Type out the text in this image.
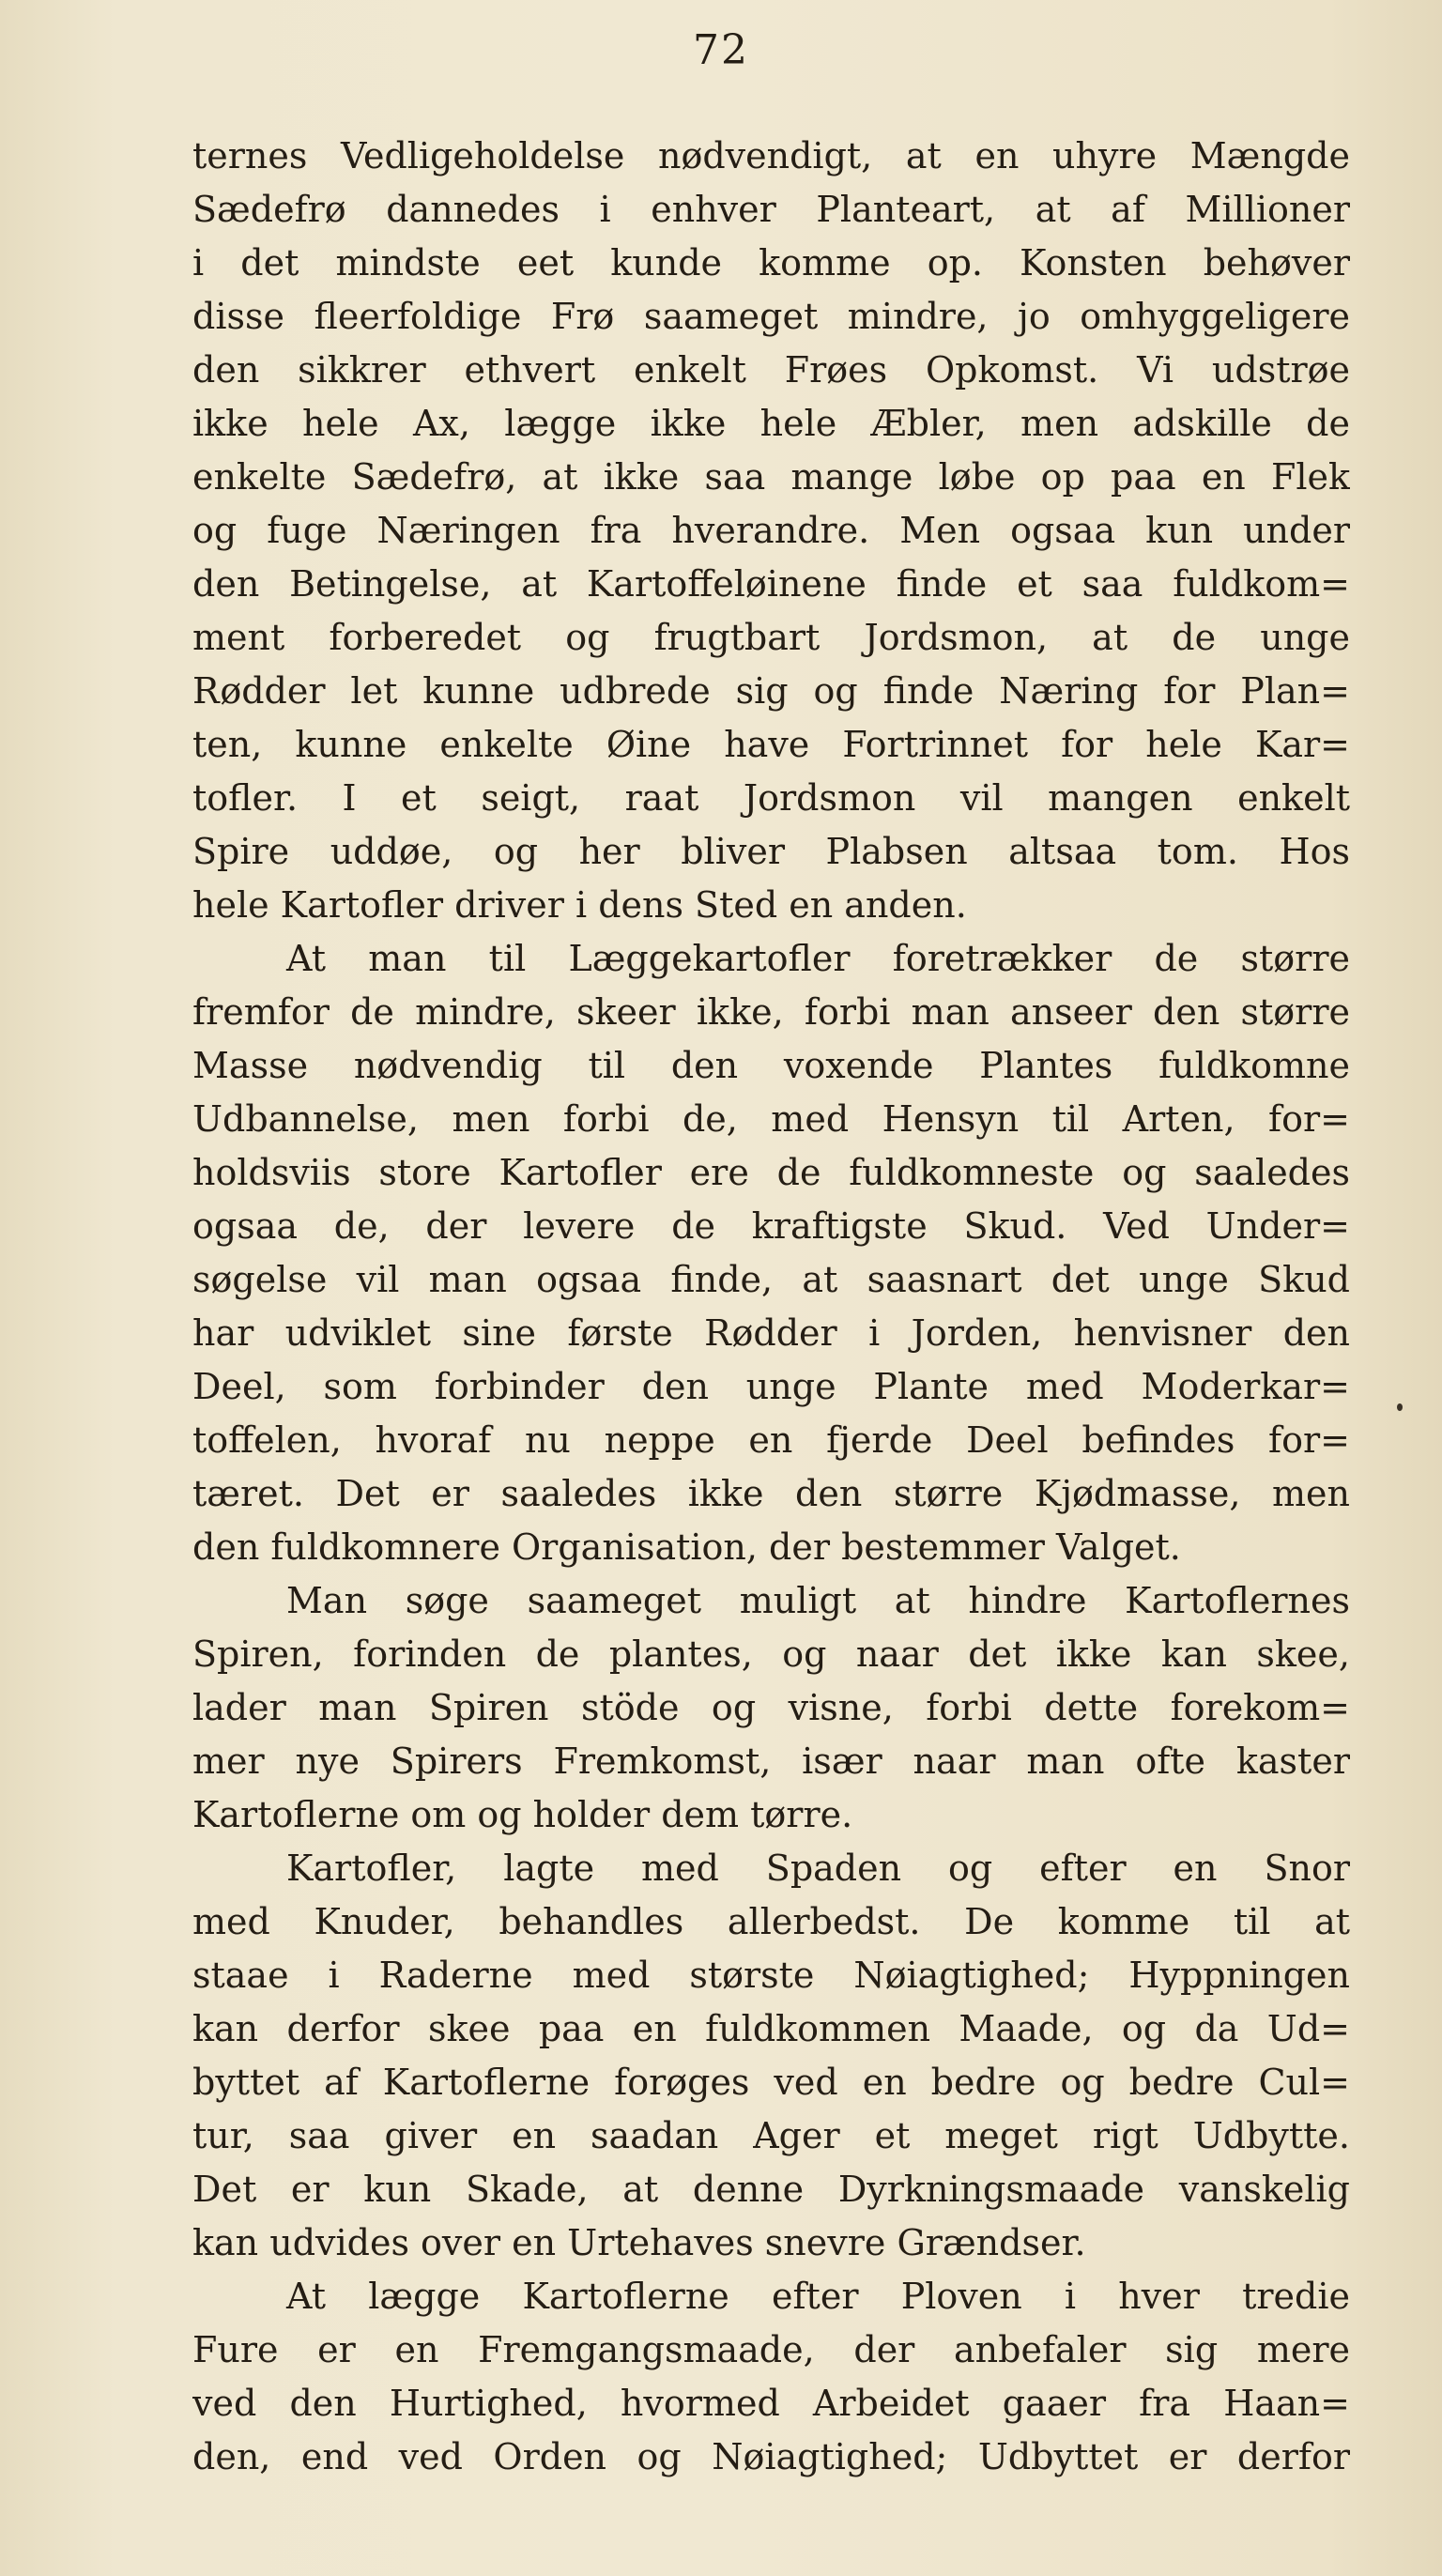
72
ternes Vedligeholdelse nødvendigt, at en uhyre Mængde
Sædefrø dannedes i enhver Planteart, at af Millioner
i det mindste eet kunde komme op. Konsten behøver
disse fleerfoldige Frø saameget mindre, jo omhyggeligere
den sikkrer ethvert enkelt Frøes Opkomst. Vi udstrøe
ikke hele Ax, lægge ikke hele Æbler, men adskille de
enkelte Sædefrø, at ikke saa mange løbe op paa en Flek
og fuge Næringen fra hverandre. Men ogsaa kun under
den Betingelse, at Kartoffeløinene finde et saa fuldkom=
ment forberedet og frugtbart Jordsmon, at de unge
Rødder let kunne udbrede sig og finde Næring for Plan=
ten, kunne enkelte Øine have Fortrinnet for hele Kar=
tofler. I et seigt, raat Jordsmon vil mangen enkelt
Spire uddøe, og her bliver Plabsen altsaa tom. Hos
hele Kartofler driver i dens Sted en anden.
At man til Læggekartofler foretrækker de større
fremfor de mindre, skeer ikke, forbi man anseer den større
Masse nødvendig til den voxende Plantes fuldkomne
Udbannelse, men forbi de, med Hensyn til Arten, for=
holdsviis store Kartofler ere de fuldkomneste og saaledes
ogsaa de, der levere de kraftigste Skud. Ved Under=
søgelse vil man ogsaa finde, at saasnart det unge Skud
har udviklet sine første Rødder i Jorden, henvisner den
Deel, som forbinder den unge Plante med Moderkar=
toffelen, hvoraf nu neppe en fjerde Deel befindes for=
tæret. Det er saaledes ikke den større Kjødmasse, men
den fuldkomnere Organisation, der bestemmer Valget.
Man søge saameget muligt at hindre Kartoflernes
Spiren, forinden de plantes, og naar det ikke kan skee,
lader man Spiren stöde og visne, forbi dette forekom=
mer nye Spirers Fremkomst, især naar man ofte kaster
Kartoflerne om og holder dem tørre.
Kartofler, lagte med Spaden og efter en Snor
med Knuder, behandles allerbedst. De komme til at
staae i Raderne med største Nøiagtighed; Hyppningen
kan derfor skee paa en fuldkommen Maade, og da Ud=
byttet af Kartoflerne forøges ved en bedre og bedre Cul=
tur, saa giver en saadan Ager et meget rigt Udbytte.
Det er kun Skade, at denne Dyrkningsmaade vanskelig
kan udvides over en Urtehaves snevre Grændser.
At lægge Kartoflerne efter Ploven i hver tredie
Fure er en Fremgangsmaade, der anbefaler sig mere
ved den Hurtighed, hvormed Arbeidet gaaer fra Haan=
den, end ved Orden og Nøiagtighed; Udbyttet er derfor
